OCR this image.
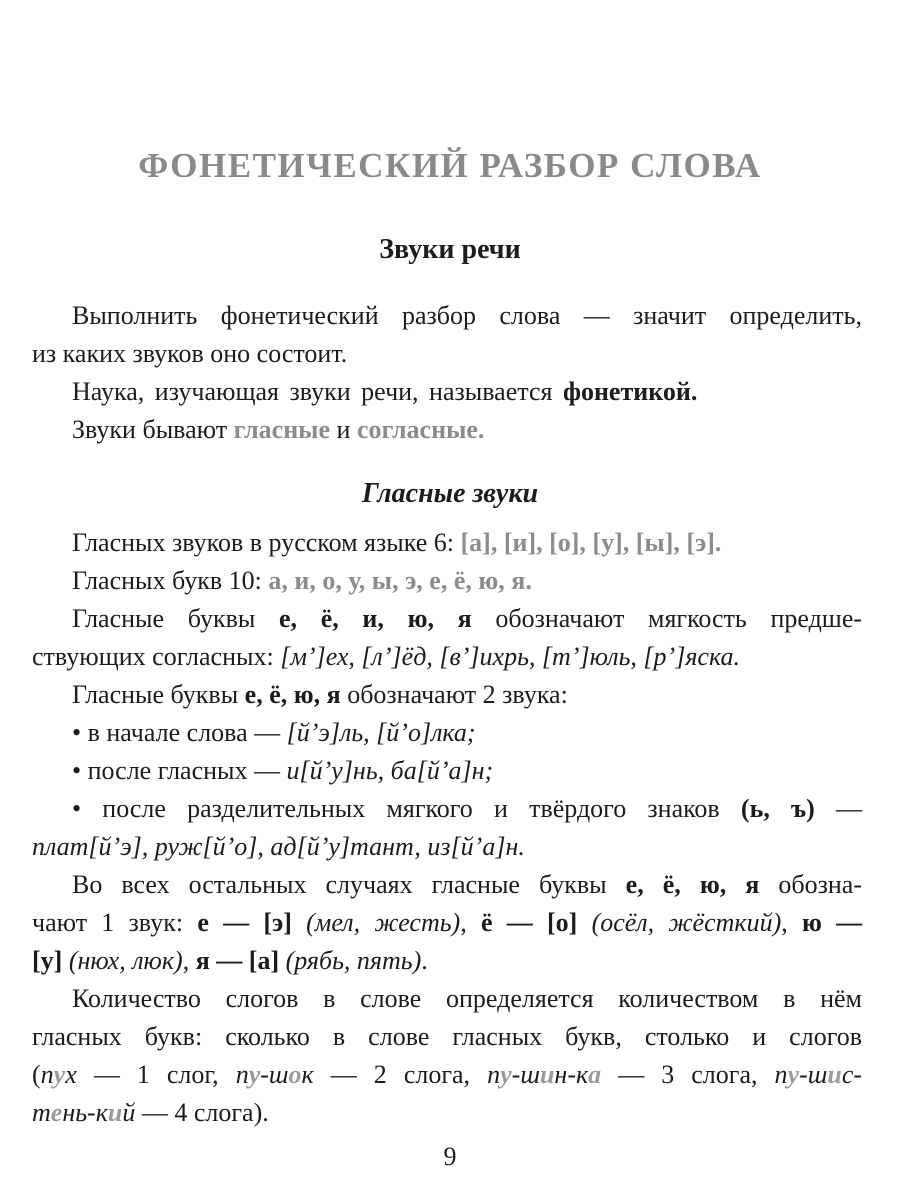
ФОНЕТИЧЕСКИЙ РАЗБОР СЛОВА
Звуки речи
Выполнить фонетический разбор слова — значит определить,
из каких звуков оно состоит.
Наука, изучающая звуки речи, называется фонетикой.
Звуки бывают гласные и согласные.
Гласные звуки
Гласных звуков в русском языке 6: [а], [и], [о], [у], [ы], [э].
Гласных букв 10: а, и, о, у, ы, э, е, ё, ю, я.
Гласные буквы е, ё, и, ю, я обозначают мягкость предше-
ствующих согласных: [м’]ех, [л’]ёд, [в’]ихрь, [т’]юль, [р’]яска.
Гласные буквы е, ё, ю, я обозначают 2 звука:
• в начале слова — [й’э]ль, [й’о]лка;
• после гласных — и[й’у]нь, ба[й’а]н;
• после разделительных мягкого и твёрдого знаков (ь, ъ) —
плат[й’э], руж[й’о], ад[й’у]тант, из[й’а]н.
Во всех остальных случаях гласные буквы е, ё, ю, я обозна-
чают 1 звук: е — [э] (мел, жесть), ё — [о] (осёл, жёсткий), ю —
[у] (нюх, люк), я — [а] (рябь, пять).
Количество слогов в слове определяется количеством в нём
гласных букв: сколько в слове гласных букв, столько и слогов
(пух — 1 слог, пу-шок — 2 слога, пу-шин-ка — 3 слога, пу-шис-
тень-кий — 4 слога).
9
